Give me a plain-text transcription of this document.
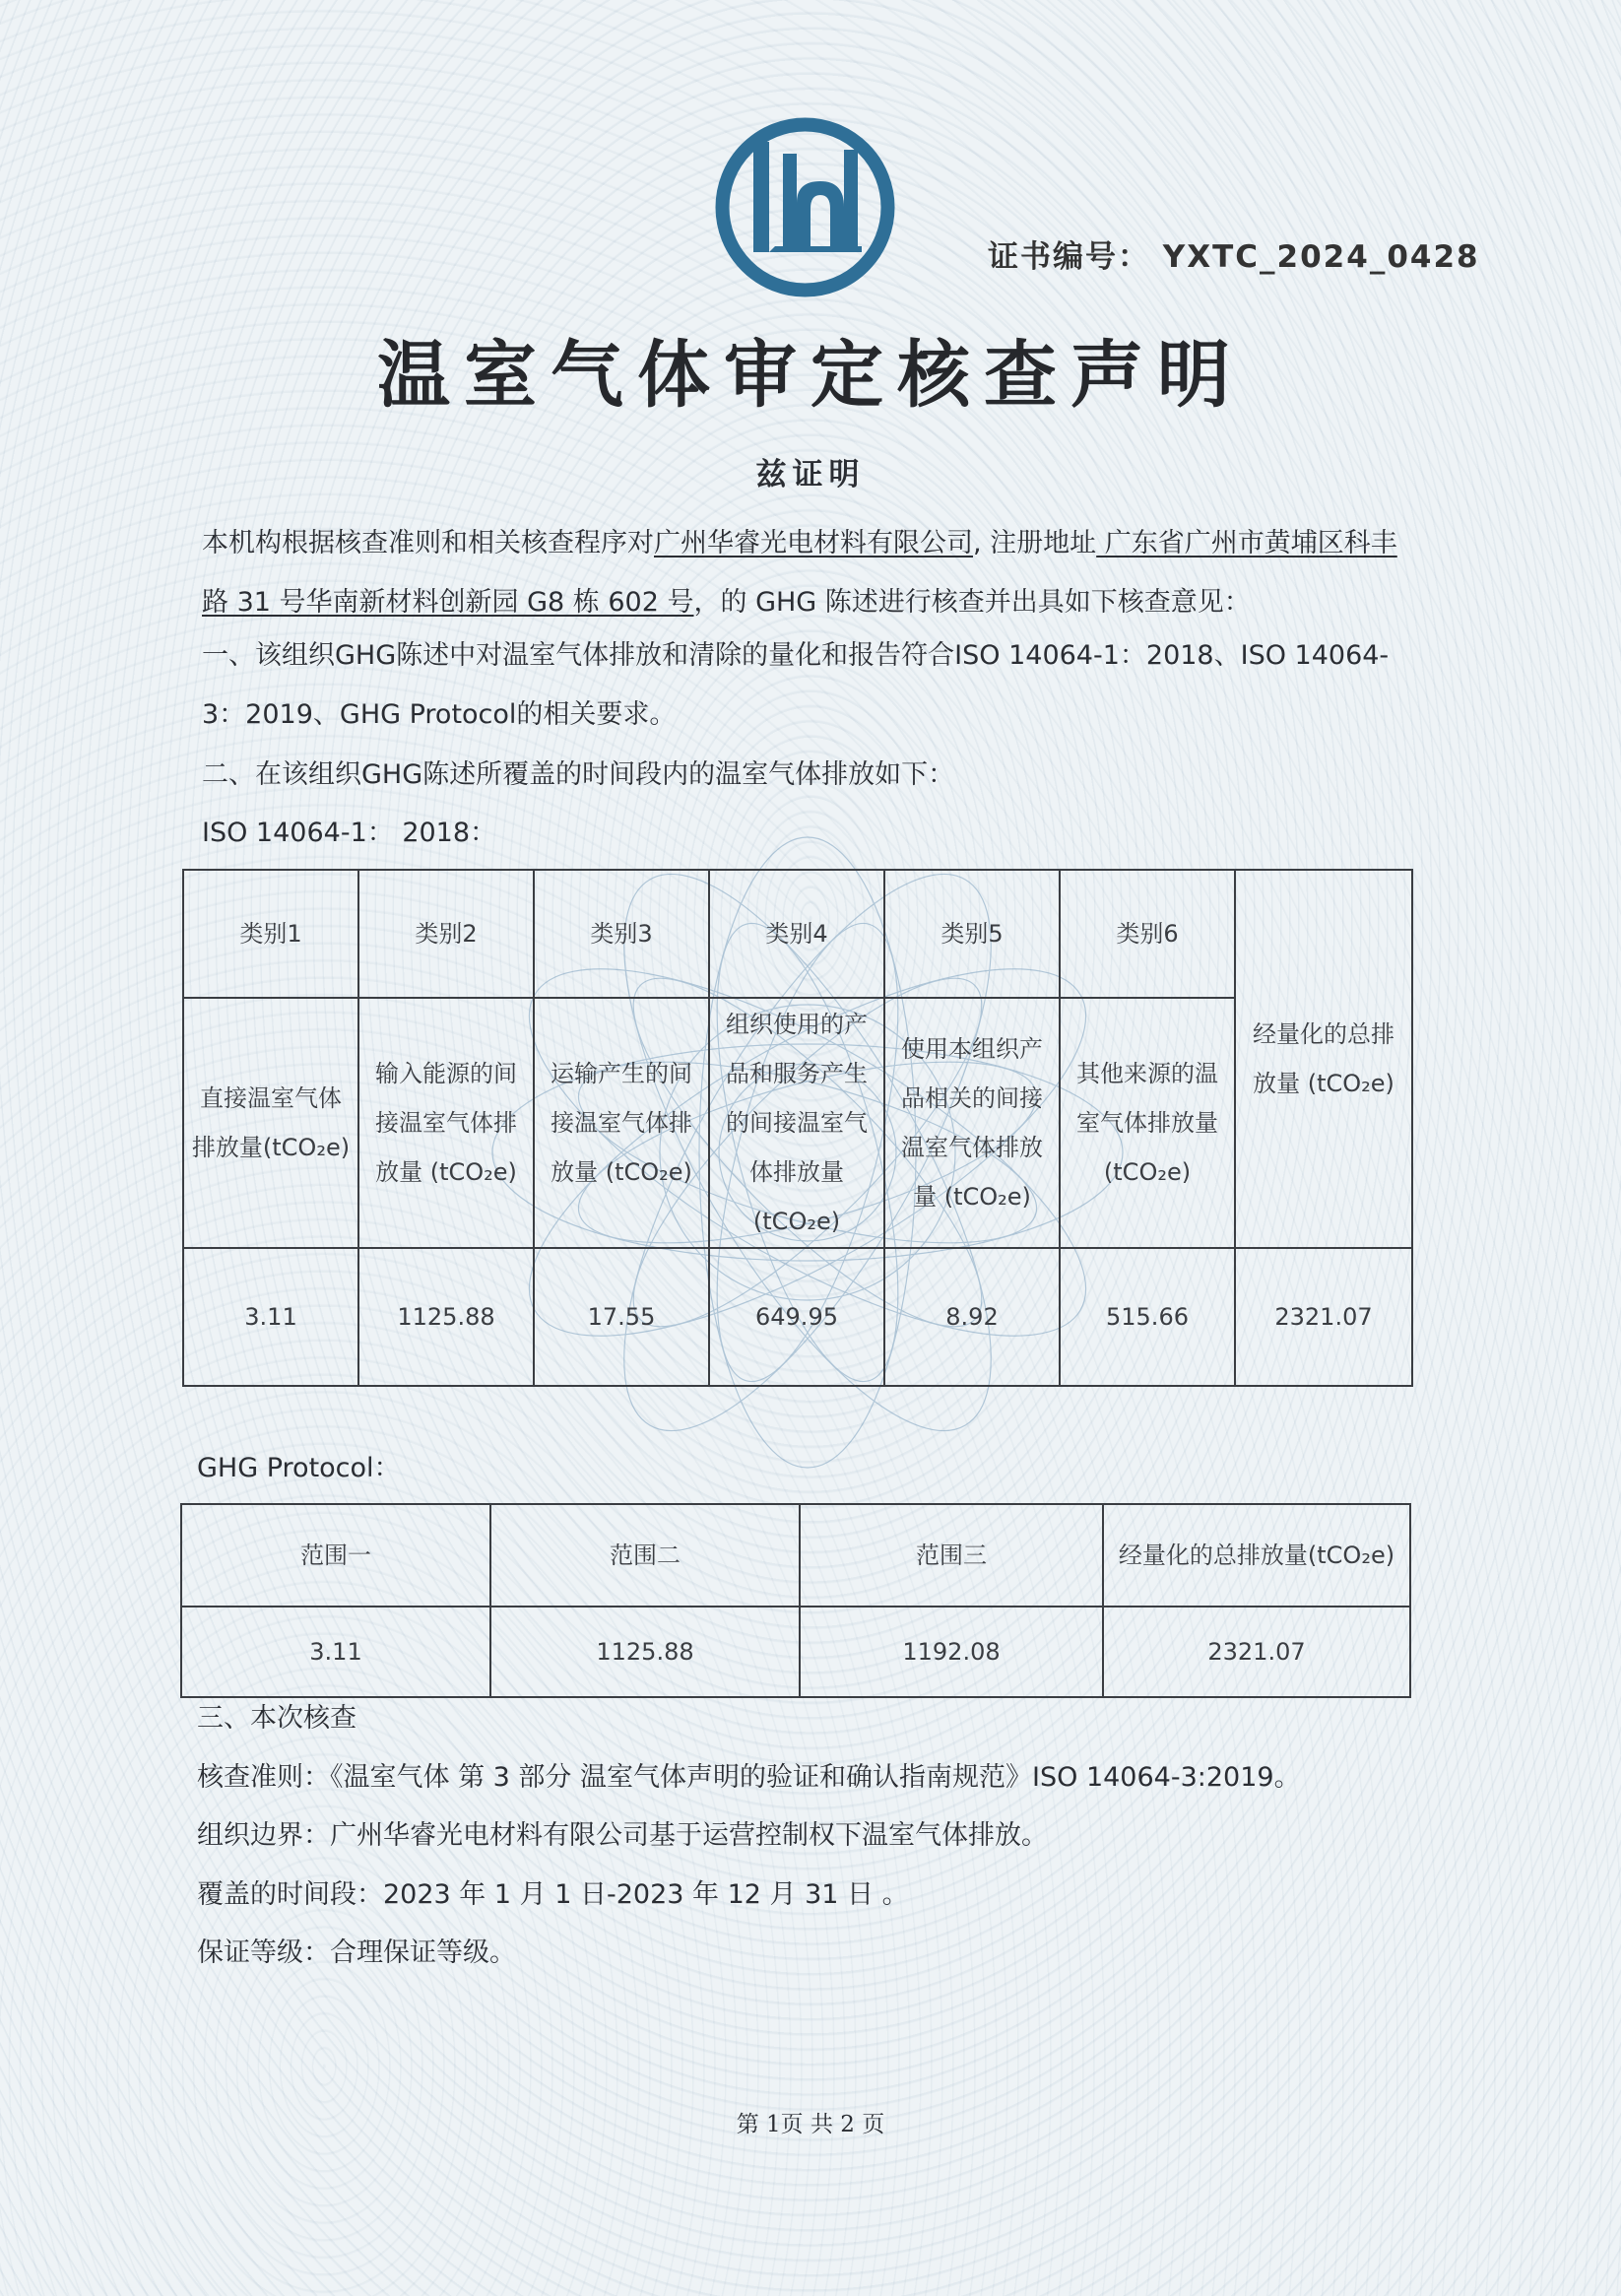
证书编号： YXTC_2024_0428
温室气体审定核查声明
兹证明
本机构根据核查准则和相关核查程序对广州华睿光电材料有限公司, 注册地址 广东省广州市黄埔区科丰路 31 号华南新材料创新园 G8 栋 602 号，的 GHG 陈述进行核查并出具如下核查意见：
一、该组织GHG陈述中对温室气体排放和清除的量化和报告符合ISO 14064-1：2018、ISO 14064-3：2019、GHG Protocol的相关要求。
二、在该组织GHG陈述所覆盖的时间段内的温室气体排放如下：
ISO 14064-1： 2018：
类别1	类别2	类别3	类别4	类别5	类别6	经量化的总排放量 (tCO₂e)
直接温室气体排放量(tCO₂e)	输入能源的间接温室气体排放量 (tCO₂e)	运输产生的间接温室气体排放量 (tCO₂e)	组织使用的产品和服务产生的间接温室气体排放量(tCO₂e)	使用本组织产品相关的间接温室气体排放量 (tCO₂e)	其他来源的温室气体排放量(tCO₂e)	
3.11	1125.88	17.55	649.95	8.92	515.66	2321.07
GHG Protocol：
范围一	范围二	范围三	经量化的总排放量(tCO₂e)
3.11	1125.88	1192.08	2321.07
三、本次核查
核查准则：《温室气体 第 3 部分 温室气体声明的验证和确认指南规范》ISO 14064-3:2019。
组织边界：广州华睿光电材料有限公司基于运营控制权下温室气体排放。
覆盖的时间段：2023 年 1 月 1 日-2023 年 12 月 31 日 。
保证等级：合理保证等级。
第 1页 共 2 页
